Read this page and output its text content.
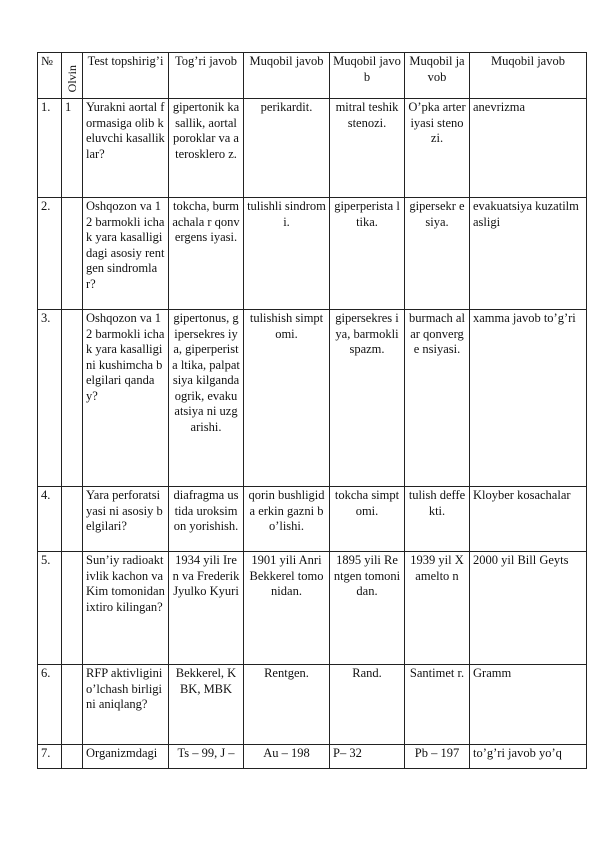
№	Olvin	Test topshirig’i	Tog’ri javob	Muqobil javob	Muqobil javob	Muqobil javob	Muqobil javob
1.	1	Yurakni aortal formasiga olib keluvchi kasalliklar?	gipertonik kasallik, aortal poroklar va aterosklero z.	perikardit.	mitral teshik stenozi.	O’pka arteriyasi stenozi.	anevrizma
2.		Oshqozon va 12 barmokli ichak yara kasalligidagi asosiy rentgen sindromlar?	tokcha, burmachala r qonvergens iyasi.	tulishli sindromi.	giperperista ltika.	gipersekr esiya.	evakuatsiya kuzatilmasligi
3.		Oshqozon va 12 barmokli ichak yara kasalligini kushimcha belgilari qanday?	gipertonus, gipersekres iya, giperperista ltika, palpatsiya kilganda ogrik, evakuatsiya ni uzgarishi.	tulishish simptomi.	gipersekres iya, barmokli spazm.	burmach alar qonverge nsiyasi.	xamma javob to’g’ri
4.		Yara perforatsiyasi ni asosiy belgilari?	diafragma ustida uroksimon yorishish.	qorin bushligida erkin gazni bo’lishi.	tokcha simptomi.	tulish deffekti.	Kloyber kosachalar
5.		Sun’iy radioaktivlik kachon va Kim tomonidan ixtiro kilingan?	1934 yili Iren va Frederik Jyulko Kyuri	1901 yili Anri Bekkerel tomonidan.	1895 yili Rentgen tomonidan.	1939 yil Xamelto n	2000 yil Bill Geyts
6.		RFP aktivligini o’lchash birligini aniqlang?	Bekkerel, KBK, MBK	Rentgen.	Rand.	Santimet r.	Gramm
7.		Organizmdagi	Ts – 99, J –	Au – 198	P– 32	Pb – 197	to’g’ri javob yo’q
